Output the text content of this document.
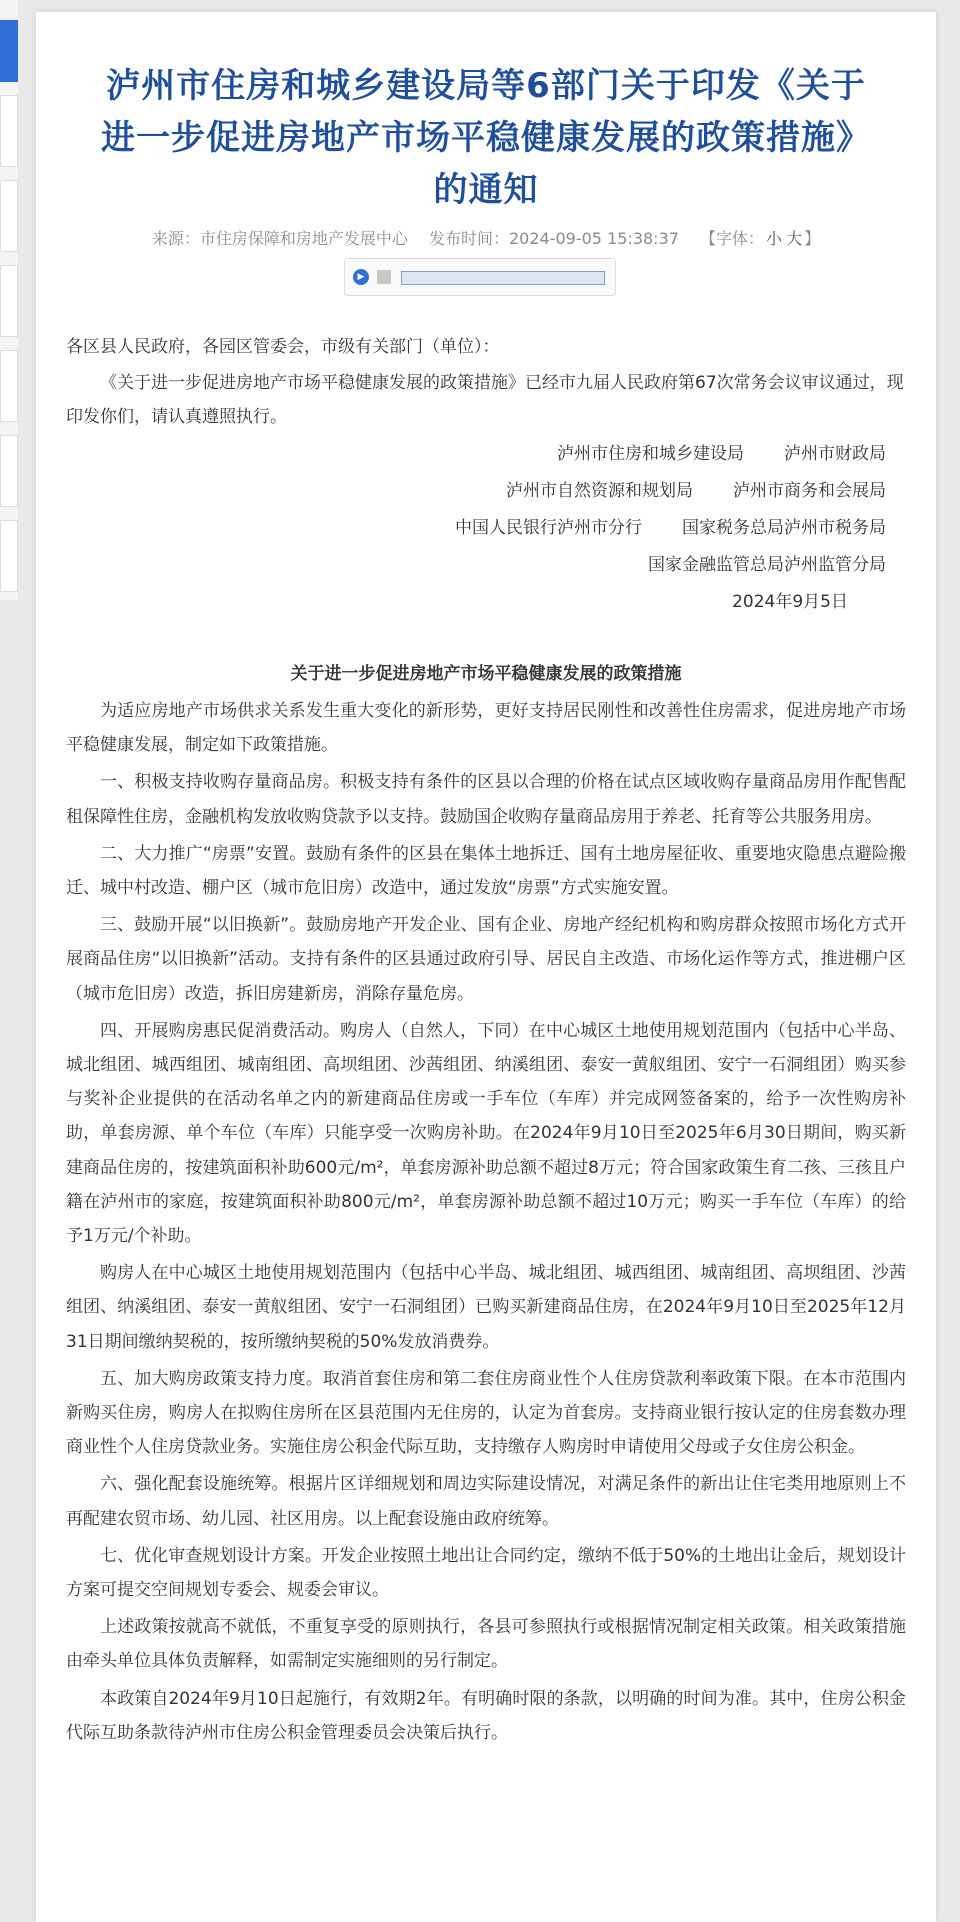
泸州市住房和城乡建设局等6部门关于印发《关于进一步促进房地产市场平稳健康发展的政策措施》的通知
来源：市住房保障和房地产发展中心 发布时间：2024-09-05 15:38:37 【字体： 小 大 】
▶
各区县人民政府，各园区管委会，市级有关部门（单位）：
《关于进一步促进房地产市场平稳健康发展的政策措施》已经市九届人民政府第67次常务会议审议通过，现印发你们，请认真遵照执行。
泸州市住房和城乡建设局 泸州市财政局
泸州市自然资源和规划局 泸州市商务和会展局
中国人民银行泸州市分行 国家税务总局泸州市税务局
国家金融监管总局泸州监管分局
2024年9月5日
关于进一步促进房地产市场平稳健康发展的政策措施

为适应房地产市场供求关系发生重大变化的新形势，更好支持居民刚性和改善性住房需求，促进房地产市场平稳健康发展，制定如下政策措施。

一、积极支持收购存量商品房。积极支持有条件的区县以合理的价格在试点区域收购存量商品房用作配售配租保障性住房，金融机构发放收购贷款予以支持。鼓励国企收购存量商品房用于养老、托育等公共服务用房。

二、大力推广“房票”安置。鼓励有条件的区县在集体土地拆迁、国有土地房屋征收、重要地灾隐患点避险搬迁、城中村改造、棚户区（城市危旧房）改造中，通过发放“房票”方式实施安置。

三、鼓励开展“以旧换新”。鼓励房地产开发企业、国有企业、房地产经纪机构和购房群众按照市场化方式开展商品住房“以旧换新”活动。支持有条件的区县通过政府引导、居民自主改造、市场化运作等方式，推进棚户区（城市危旧房）改造，拆旧房建新房，消除存量危房。

四、开展购房惠民促消费活动。购房人（自然人，下同）在中心城区土地使用规划范围内（包括中心半岛、城北组团、城西组团、城南组团、高坝组团、沙茜组团、纳溪组团、泰安一黄舣组团、安宁一石洞组团）购买参与奖补企业提供的在活动名单之内的新建商品住房或一手车位（车库）并完成网签备案的，给予一次性购房补助，单套房源、单个车位（车库）只能享受一次购房补助。在2024年9月10日至2025年6月30日期间，购买新建商品住房的，按建筑面积补助600元/m²，单套房源补助总额不超过8万元；符合国家政策生育二孩、三孩且户籍在泸州市的家庭，按建筑面积补助800元/m²，单套房源补助总额不超过10万元；购买一手车位（车库）的给予1万元/个补助。

购房人在中心城区土地使用规划范围内（包括中心半岛、城北组团、城西组团、城南组团、高坝组团、沙茜组团、纳溪组团、泰安一黄舣组团、安宁一石洞组团）已购买新建商品住房，在2024年9月10日至2025年12月31日期间缴纳契税的，按所缴纳契税的50%发放消费券。

五、加大购房政策支持力度。取消首套住房和第二套住房商业性个人住房贷款利率政策下限。在本市范围内新购买住房，购房人在拟购住房所在区县范围内无住房的，认定为首套房。支持商业银行按认定的住房套数办理商业性个人住房贷款业务。实施住房公积金代际互助，支持缴存人购房时申请使用父母或子女住房公积金。

六、强化配套设施统筹。根据片区详细规划和周边实际建设情况，对满足条件的新出让住宅类用地原则上不再配建农贸市场、幼儿园、社区用房。以上配套设施由政府统筹。

七、优化审查规划设计方案。开发企业按照土地出让合同约定，缴纳不低于50%的土地出让金后，规划设计方案可提交空间规划专委会、规委会审议。

上述政策按就高不就低，不重复享受的原则执行，各县可参照执行或根据情况制定相关政策。相关政策措施由牵头单位具体负责解释，如需制定实施细则的另行制定。

本政策自2024年9月10日起施行，有效期2年。有明确时限的条款，以明确的时间为准。其中，住房公积金代际互助条款待泸州市住房公积金管理委员会决策后执行。
